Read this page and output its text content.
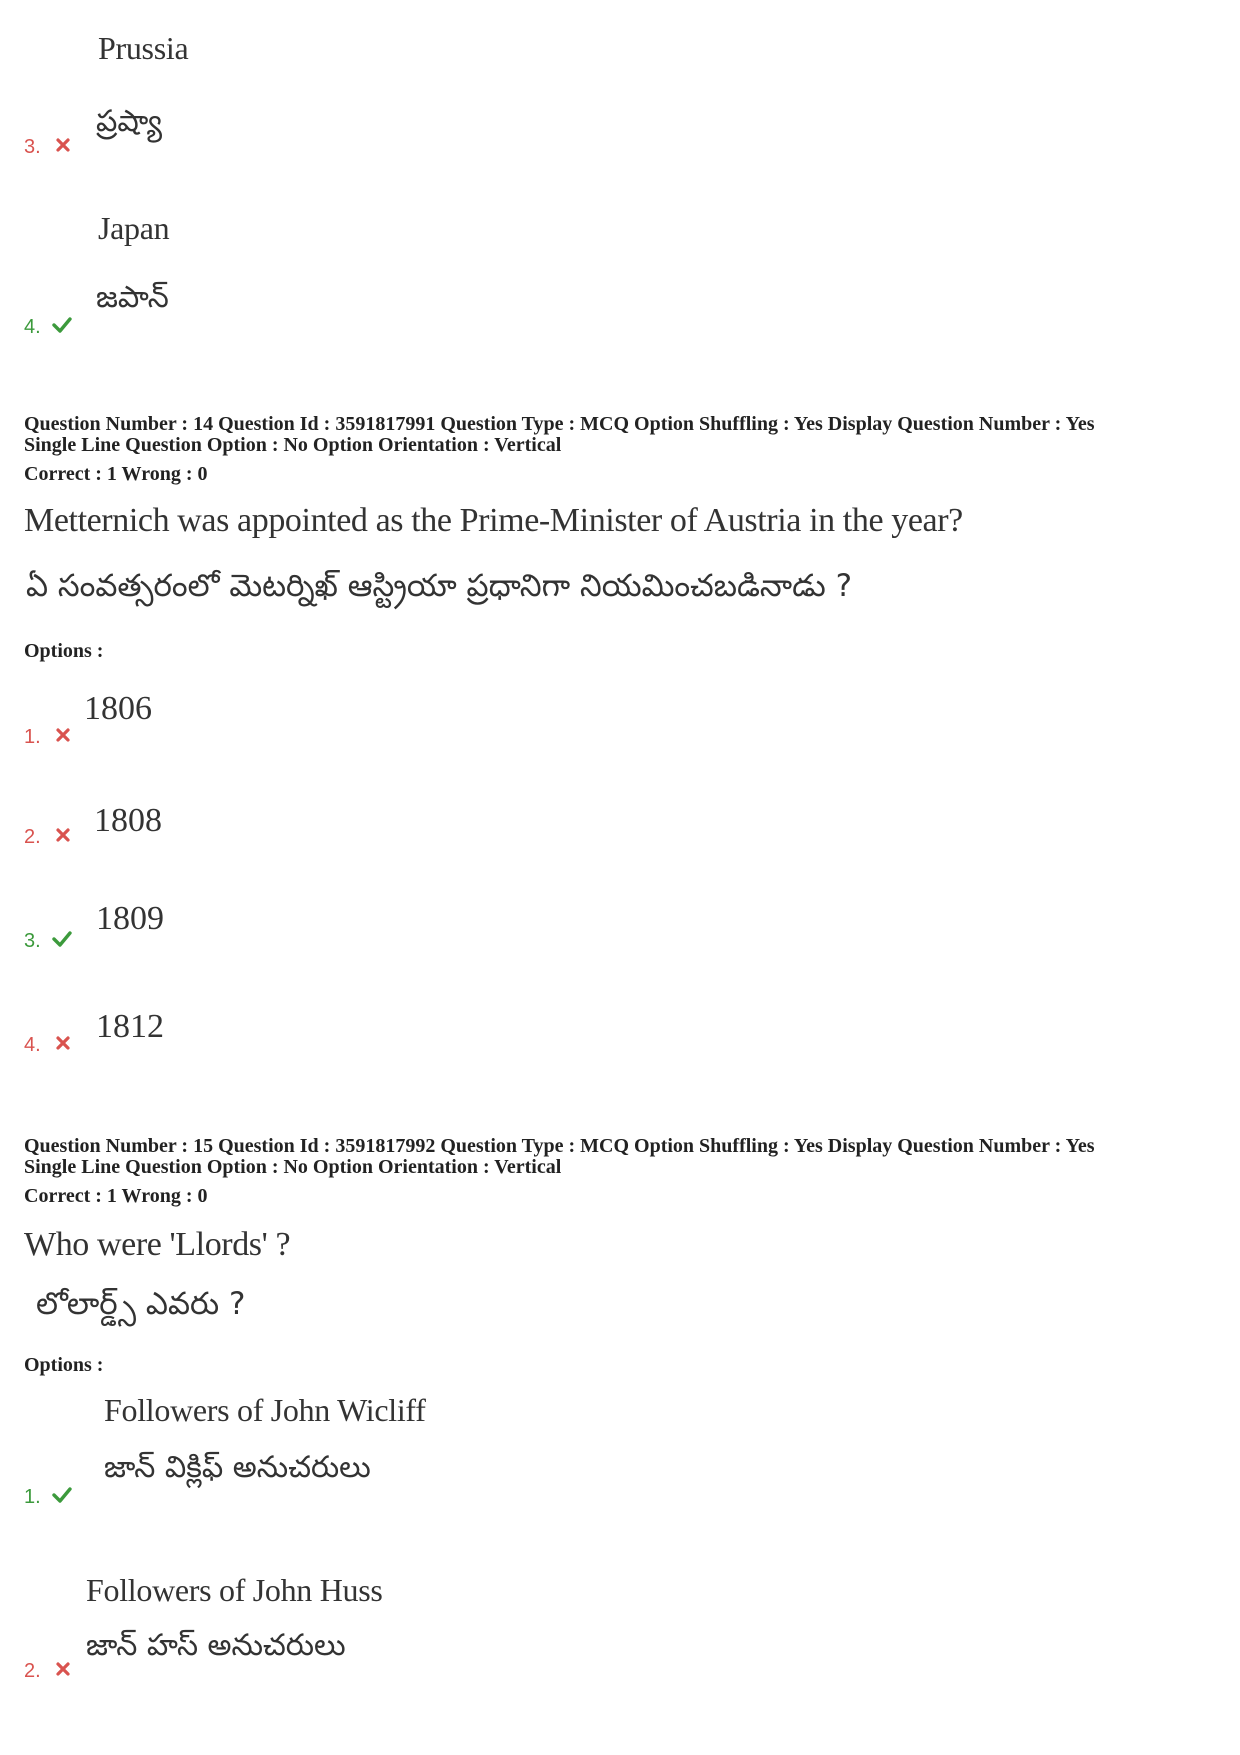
Prussia
ప్రష్యా
3.
Japan
జపాన్
4.
Question Number : 14 Question Id : 3591817991 Question Type : MCQ Option Shuffling : Yes Display Question Number : Yes
Single Line Question Option : No Option Orientation : Vertical
Correct : 1 Wrong : 0
Metternich was appointed as the Prime-Minister of Austria in the year?
ఏ సంవత్సరంలో మెటర్నిఖ్ ఆస్ట్రియా ప్రధానిగా నియమించబడినాడు ?
Options :
1806
1.
1808
2.
1809
3.
1812
4.
Question Number : 15 Question Id : 3591817992 Question Type : MCQ Option Shuffling : Yes Display Question Number : Yes
Single Line Question Option : No Option Orientation : Vertical
Correct : 1 Wrong : 0
Who were 'Llords' ?
లోలార్డ్స్ ఎవరు ?
Options :
Followers of John Wicliff
జాన్ విక్లిఫ్ అనుచరులు
1.
Followers of John Huss
జాన్ హస్ అనుచరులు
2.
